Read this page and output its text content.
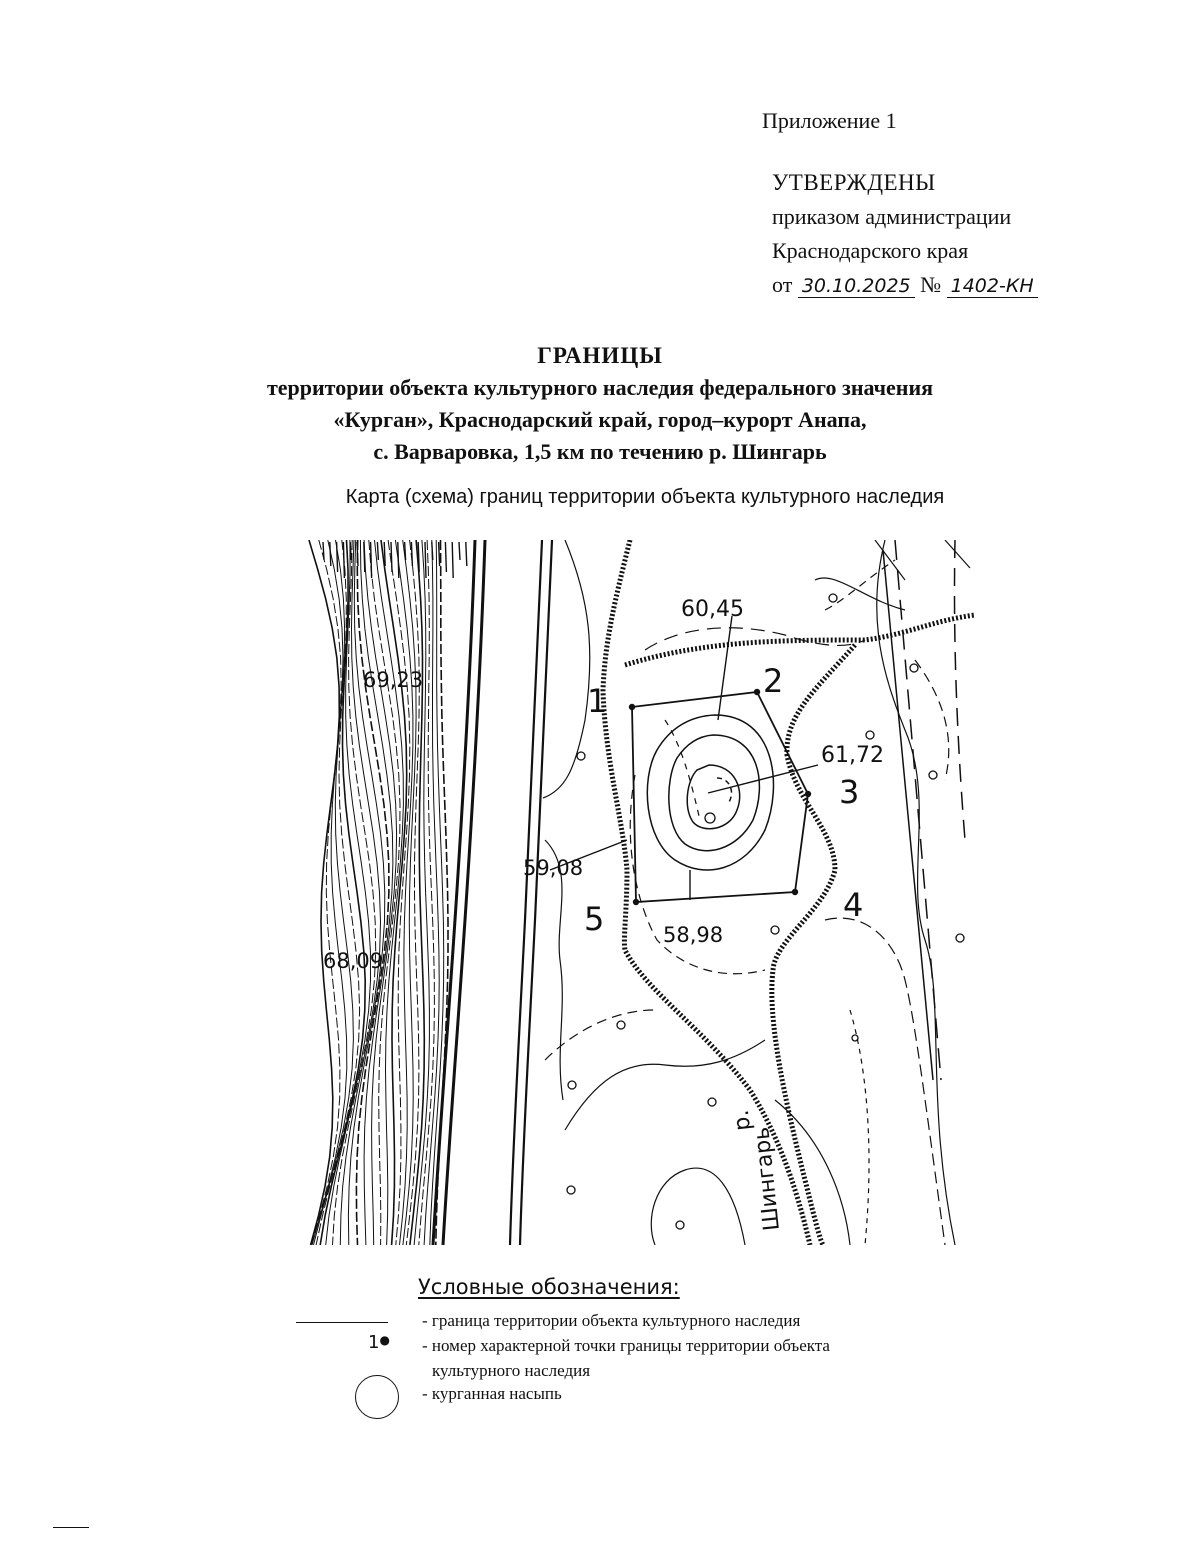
Приложение 1
УТВЕРЖДЕНЫ
приказом администрации
Краснодарского края
от 30.10.2025 № 1402-КН
ГРАНИЦЫ
территории объекта культурного наследия федерального значения
«Курган», Краснодарский край, город–курорт Анапа,
с. Варваровка, 1,5 км по течению р. Шингарь
Карта (схема) границ территории объекта культурного наследия
60,45
69,23
61,72
59,08
58,98
68,09
1
2
3
4
5
р.
Шингарь
Условные обозначения:
- граница территории объекта культурного наследия
1● - номер характерной точки границы территории объекта
культурного наследия
- курганная насыпь
